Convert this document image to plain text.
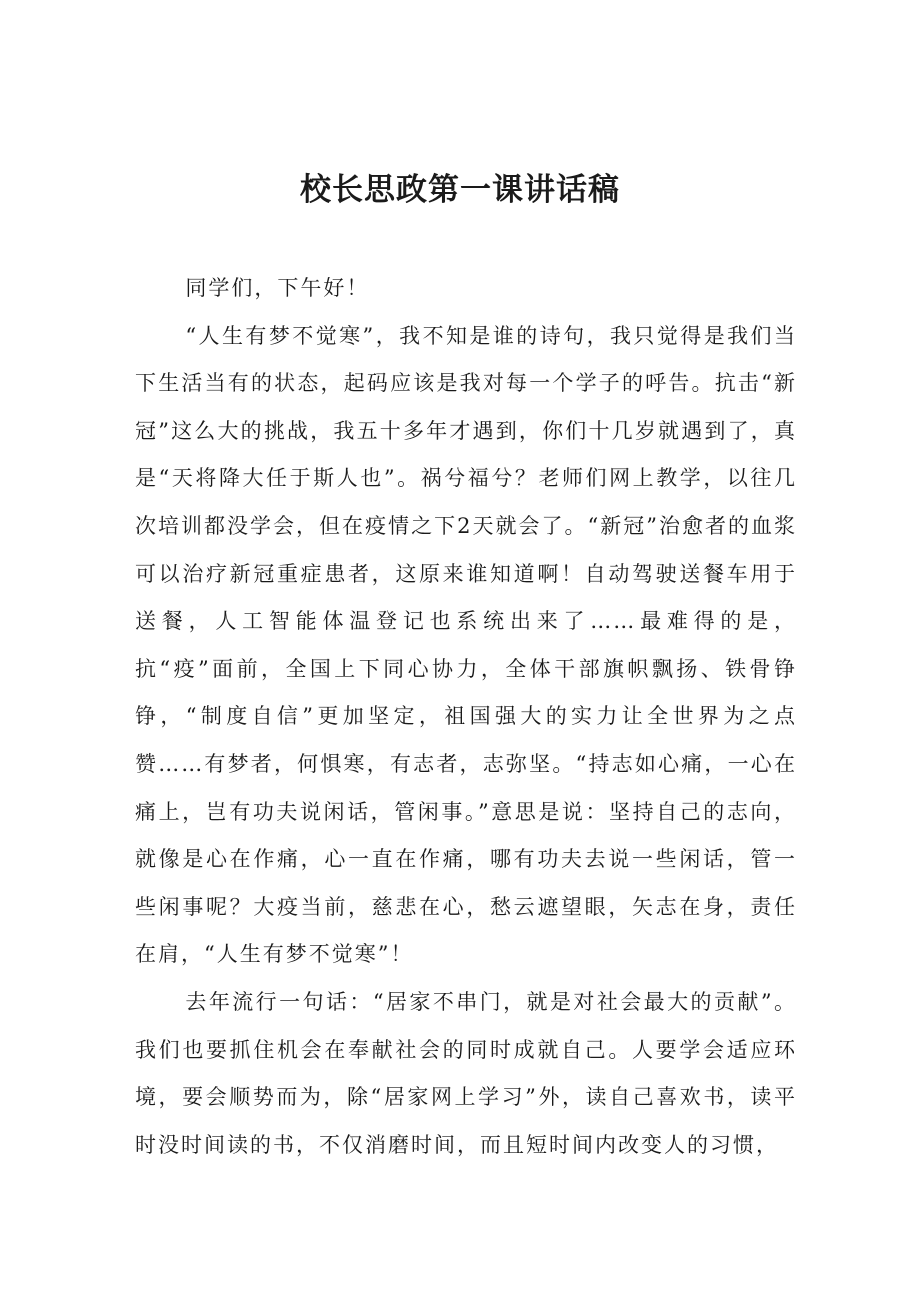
校长思政第一课讲话稿

同学们，下午好！

“人生有梦不觉寒”，我不知是谁的诗句，我只觉得是我们当下生活当有的状态，起码应该是我对每一个学子的呼告。抗击“新冠”这么大的挑战，我五十多年才遇到，你们十几岁就遇到了，真是“天将降大任于斯人也”。祸兮福兮？老师们网上教学，以往几次培训都没学会，但在疫情之下2天就会了。“新冠”治愈者的血浆可以治疗新冠重症患者，这原来谁知道啊！自动驾驶送餐车用于送餐，人工智能体温登记也系统出来了……最难得的是，抗“疫”面前，全国上下同心协力，全体干部旗帜飘扬、铁骨铮铮，“制度自信”更加坚定，祖国强大的实力让全世界为之点赞……有梦者，何惧寒，有志者，志弥坚。“持志如心痛，一心在痛上，岂有功夫说闲话，管闲事。”意思是说：坚持自己的志向，就像是心在作痛，心一直在作痛，哪有功夫去说一些闲话，管一些闲事呢？大疫当前，慈悲在心，愁云遮望眼，矢志在身，责任在肩，“人生有梦不觉寒”！

去年流行一句话：“居家不串门，就是对社会最大的贡献”。我们也要抓住机会在奉献社会的同时成就自己。人要学会适应环境，要会顺势而为，除“居家网上学习”外，读自己喜欢书，读平时没时间读的书，不仅消磨时间，而且短时间内改变人的习惯，
